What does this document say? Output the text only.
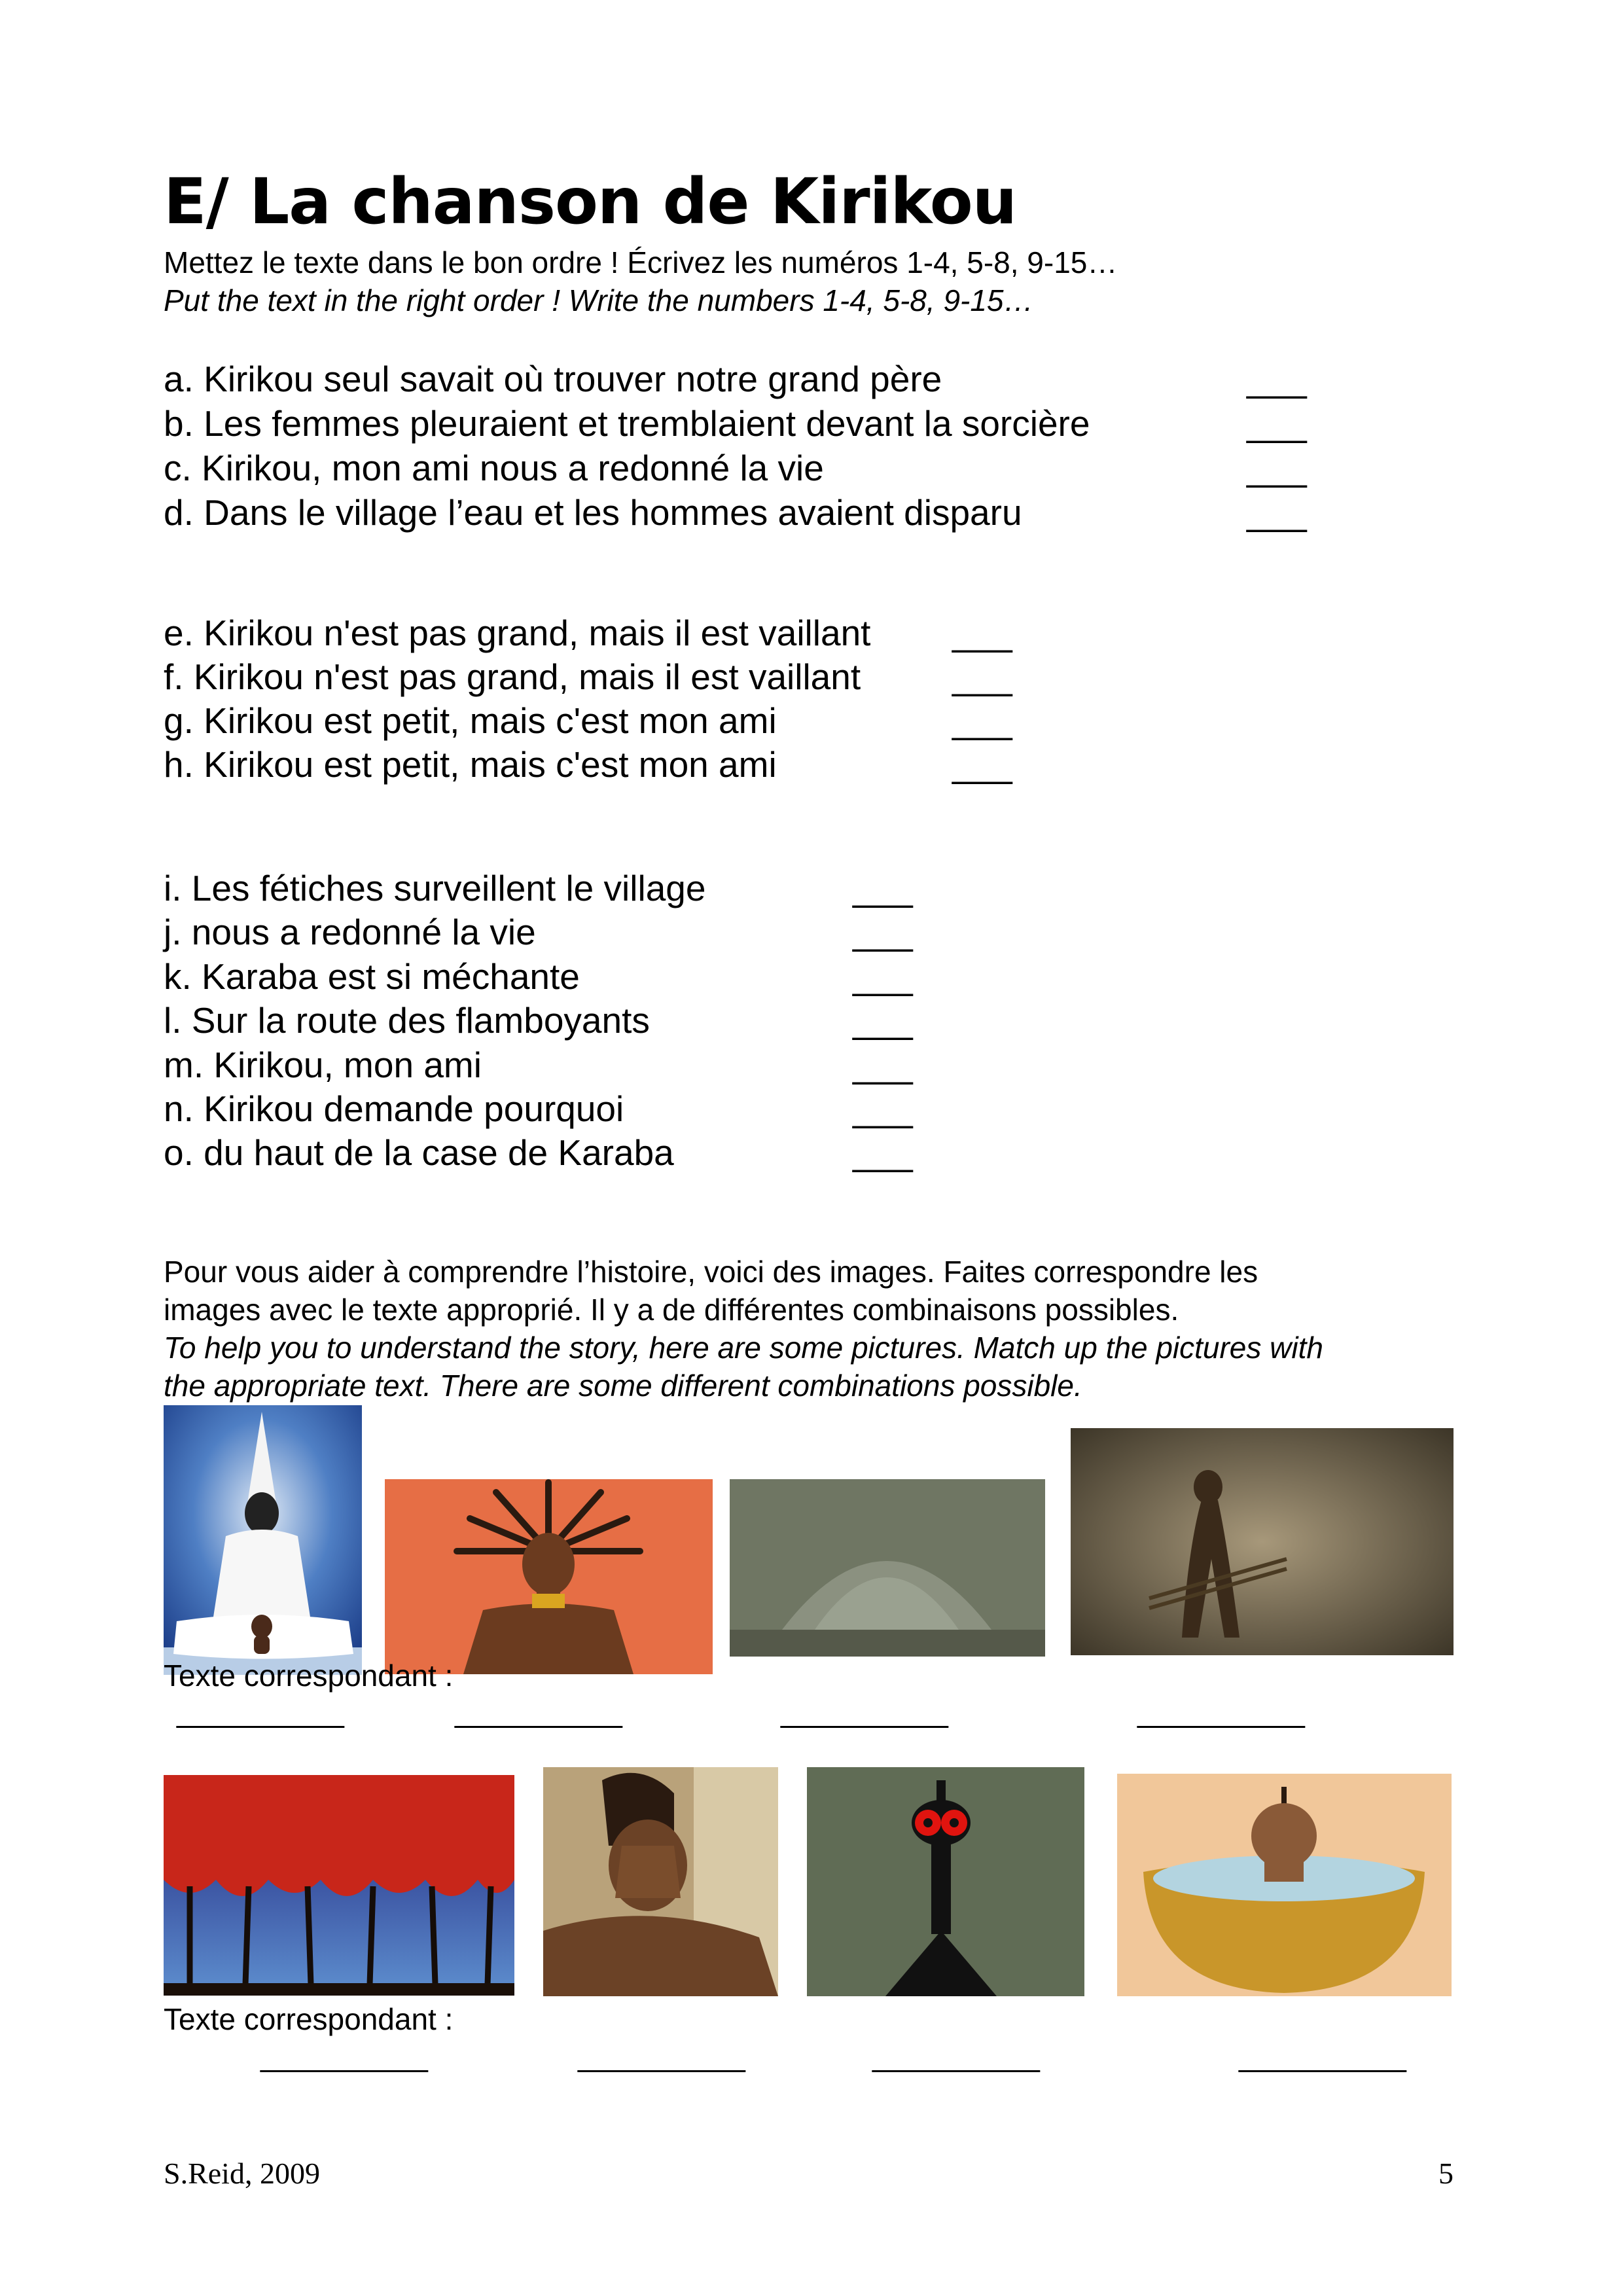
E/ La chanson de Kirikou
Mettez le texte dans le bon ordre ! Écrivez les numéros 1-4, 5-8, 9-15…
Put the text in the right order ! Write the numbers 1-4, 5-8, 9-15…
a. Kirikou seul savait où trouver notre grand père	___
b. Les femmes pleuraient et tremblaient devant la sorcière	___
c. Kirikou, mon ami nous a redonné la vie	___
d. Dans le village l’eau et les hommes avaient disparu	___
e. Kirikou n'est pas grand, mais il est vaillant ___
f. Kirikou n'est pas grand, mais il est vaillant	___
g. Kirikou est petit, mais c'est mon ami	___
h. Kirikou est petit, mais c'est mon ami	___
i. Les fétiches surveillent le village	___
j. nous a redonné la vie	___
k. Karaba est si méchante	___
l. Sur la route des flamboyants	___
m. Kirikou, mon ami	___
n. Kirikou demande pourquoi	___
o. du haut de la case de Karaba	___
Pour vous aider à comprendre l’histoire, voici des images. Faites correspondre les
images avec le texte approprié. Il y a de différentes combinaisons possibles.
To help you to understand the story, here are some pictures. Match up the pictures with
the appropriate text. There are some different combinations possible.
Texte correspondant :
__________	__________	__________	__________
Texte correspondant :
__________	__________	__________	__________
S.Reid, 2009	5
